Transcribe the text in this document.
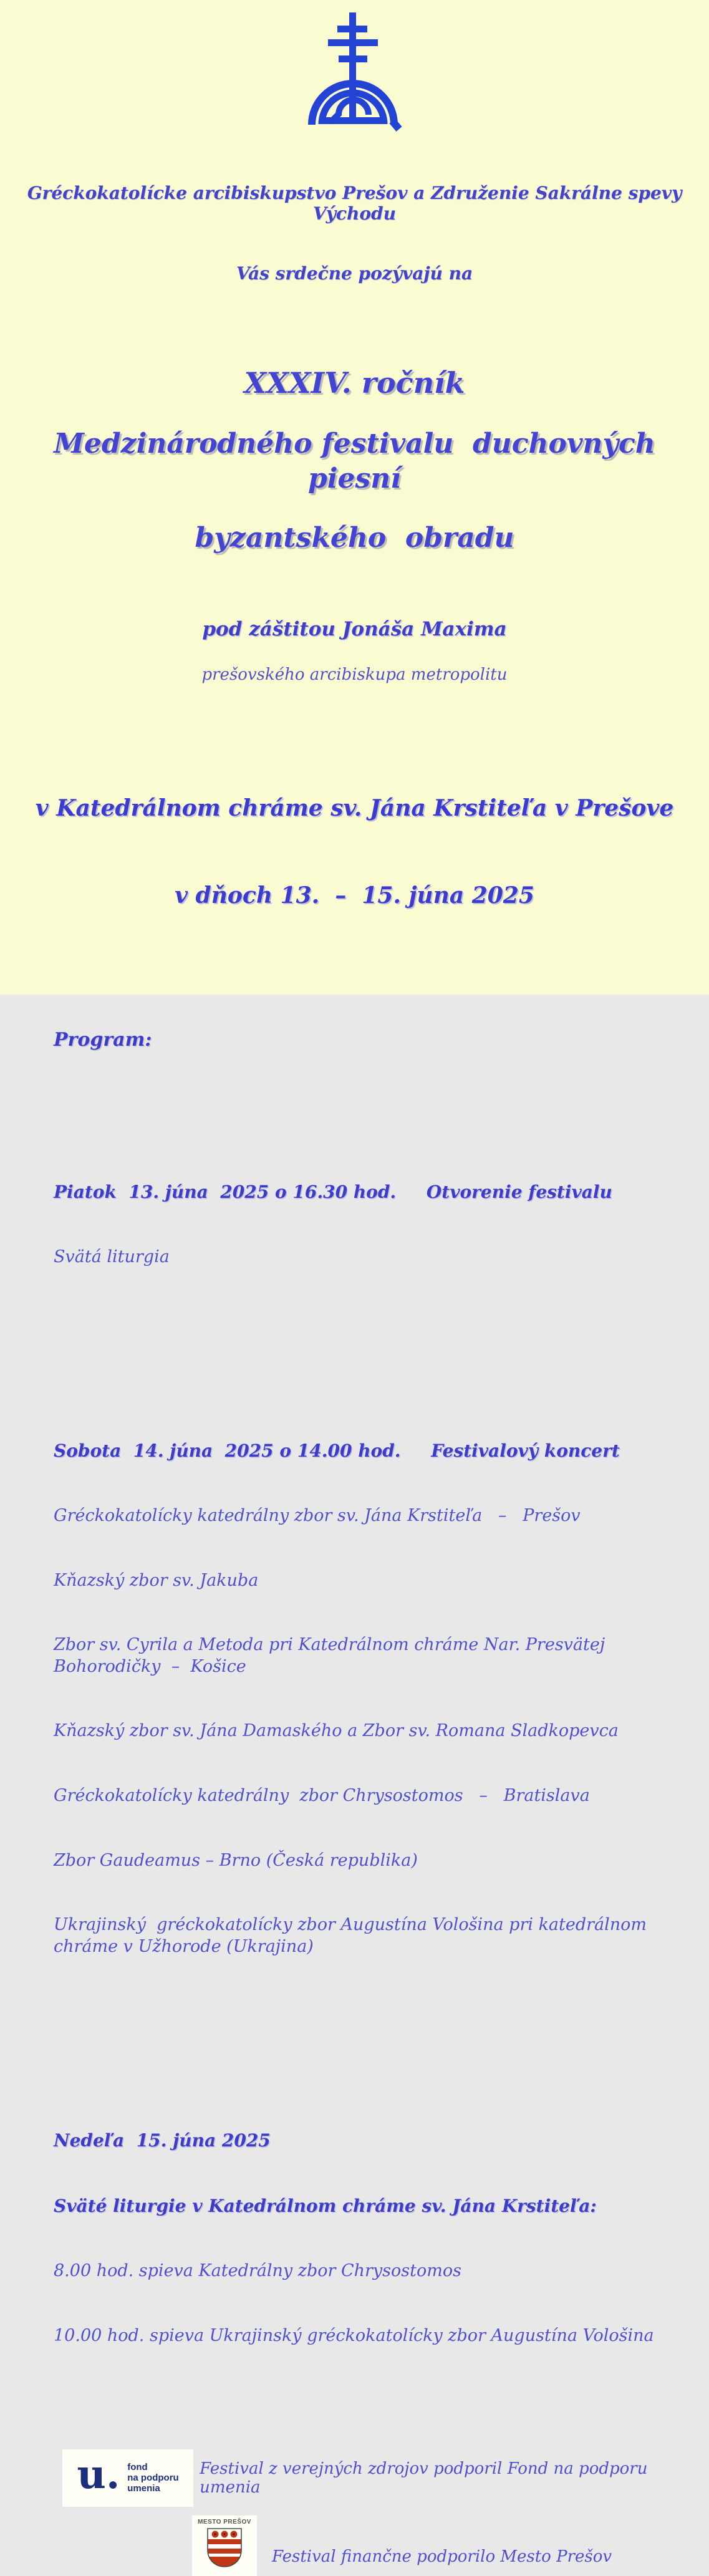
Gréckokatolícke arcibiskupstvo Prešov a Združenie Sakrálne spevy Východu

Vás srdečne pozývajú na

XXXIV. ročník

Medzinárodného festivalu  duchovných  piesní

byzantského  obradu

pod záštitou Jonáša Maxima

prešovského arcibiskupa metropolitu

v Katedrálnom chráme sv. Jána Krstiteľa v Prešove

v dňoch 13.  –  15. júna 2025

Program:

Piatok  13. júna  2025 o 16.30 hod.     Otvorenie festivalu

Svätá liturgia

Sobota  14. júna  2025 o 14.00 hod.     Festivalový koncert

Gréckokatolícky katedrálny zbor sv. Jána Krstiteľa   –   Prešov

Kňazský zbor sv. Jakuba

Zbor sv. Cyrila a Metoda pri Katedrálnom chráme Nar. Presvätej Bohorodičky  –  Košice

Kňazský zbor sv. Jána Damaského a Zbor sv. Romana Sladkopevca

Gréckokatolícky katedrálny  zbor Chrysostomos   –   Bratislava

Zbor Gaudeamus – Brno (Česká republika)

Ukrajinský  gréckokatolícky zbor Augustína Vološina pri katedrálnom chráme v Užhorode (Ukrajina)

Nedeľa  15. júna 2025

Sväté liturgie v Katedrálnom chráme sv. Jána Krstiteľa:

8.00 hod. spieva Katedrálny zbor Chrysostomos

10.00 hod. spieva Ukrajinský gréckokatolícky zbor Augustína Vološina

u. fond
na podporu
umenia
Festival z verejných zdrojov podporil Fond na podporu umenia
MESTO PREŠOV
Festival finančne podporilo Mesto Prešov
